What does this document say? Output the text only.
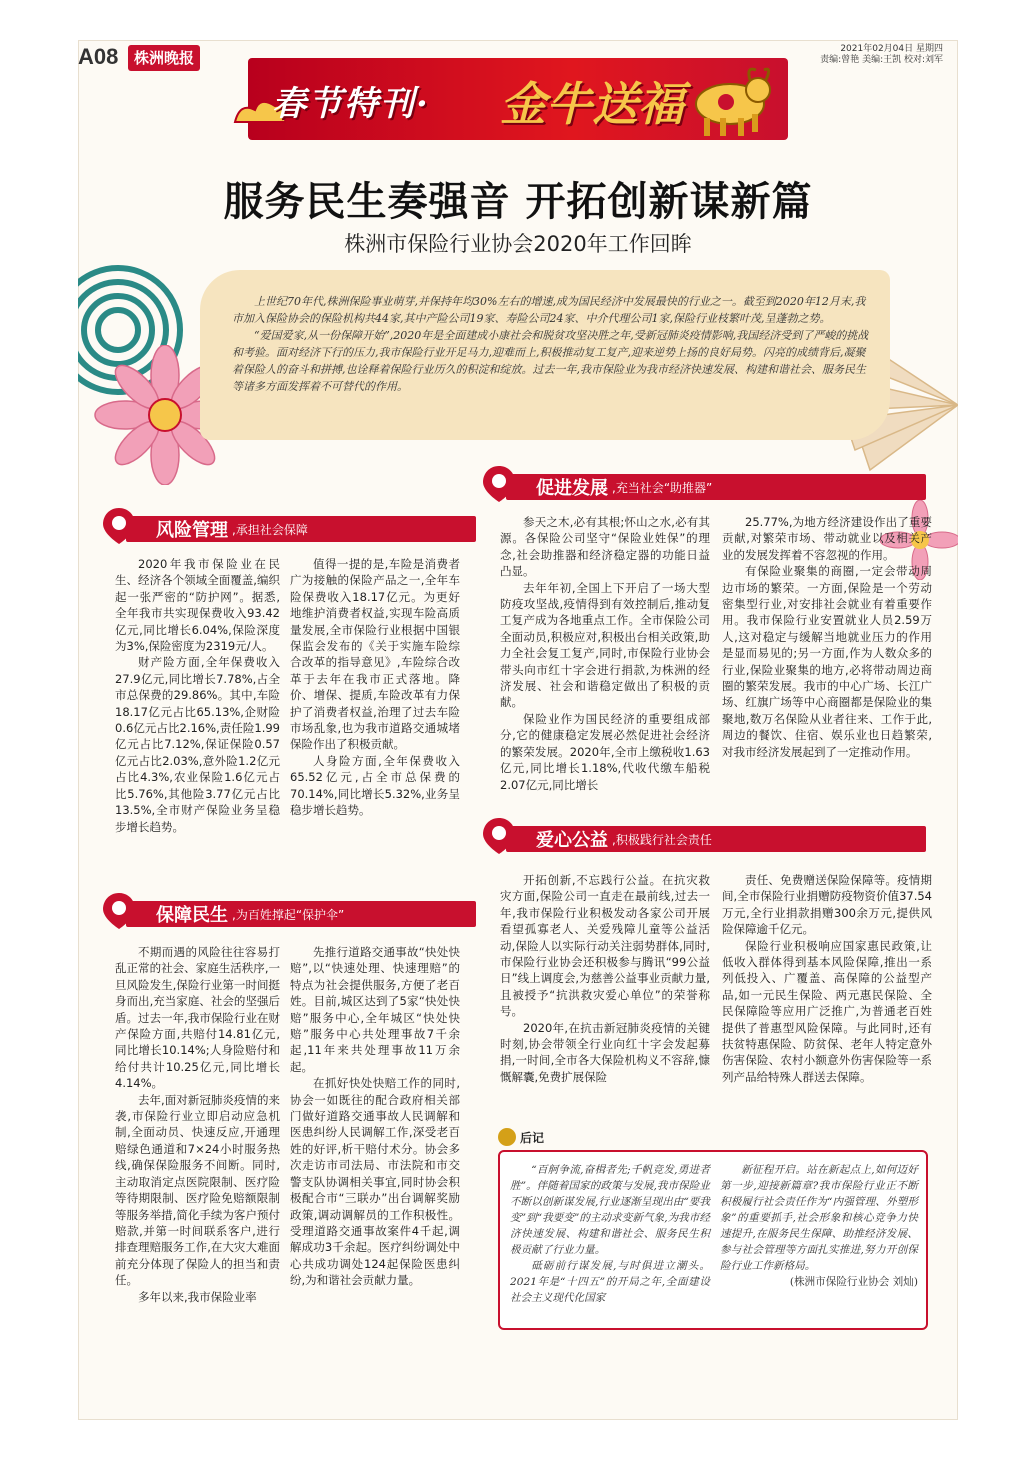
A08	株洲晚报	2021年02月04日 星期四
责编:曾艳 美编:王凯 校对:刘军
春节特刊· 金牛送福
服务民生奏强音 开拓创新谋新篇
株洲市保险行业协会2020年工作回眸

上世纪70年代,株洲保险事业萌芽,并保持年均30%左右的增速,成为国民经济中发展最快的行业之一。截至到2020年12月末,我市加入保险协会的保险机构共44家,其中产险公司19家、寿险公司24家、中介代理公司1家,保险行业枝繁叶茂,呈蓬勃之势。

“爱国爱家,从一份保障开始”,2020年是全面建成小康社会和脱贫攻坚决胜之年,受新冠肺炎疫情影响,我国经济受到了严峻的挑战和考验。面对经济下行的压力,我市保险行业开足马力,迎难而上,积极推动复工复产,迎来逆势上扬的良好局势。闪亮的成绩背后,凝聚着保险人的奋斗和拼搏,也诠释着保险行业历久的积淀和绽放。过去一年,我市保险业为我市经济快速发展、构建和谐社会、服务民生等诸多方面发挥着不可替代的作用。

促进发展 ,充当社会“助推器”
风险管理 ,承担社会保障

2020年我市保险业在民生、经济各个领域全面覆盖,编织起一张严密的“防护网”。据悉,全年我市共实现保费收入93.42亿元,同比增长6.04%,保险深度为3%,保险密度为2319元/人。

财产险方面,全年保费收入27.9亿元,同比增长7.78%,占全市总保费的29.86%。其中,车险18.17亿元占比65.13%,企财险0.6亿元占比2.16%,责任险1.99亿元占比7.12%,保证保险0.57亿元占比2.03%,意外险1.2亿元占比4.3%,农业保险1.6亿元占比5.76%,其他险3.77亿元占比13.5%,全市财产保险业务呈稳步增长趋势。

值得一提的是,车险是消费者广为接触的保险产品之一,全年车险保费收入18.17亿元。为更好地维护消费者权益,实现车险高质量发展,全市保险行业根据中国银保监会发布的《关于实施车险综合改革的指导意见》,车险综合改革于去年在我市正式落地。降价、增保、提质,车险改革有力保护了消费者权益,治理了过去车险市场乱象,也为我市道路交通城堵保险作出了积极贡献。

人身险方面,全年保费收入65.52亿元,占全市总保费的70.14%,同比增长5.32%,业务呈稳步增长趋势。

参天之木,必有其根;怀山之水,必有其源。各保险公司坚守“保险业姓保”的理念,社会助推器和经济稳定器的功能日益凸显。

去年年初,全国上下开启了一场大型防疫攻坚战,疫情得到有效控制后,推动复工复产成为各地重点工作。全市保险公司全面动员,积极应对,积极出台相关政策,助力全社会复工复产,同时,市保险行业协会带头向市红十字会进行捐款,为株洲的经济发展、社会和谐稳定做出了积极的贡献。

保险业作为国民经济的重要组成部分,它的健康稳定发展必然促进社会经济的繁荣发展。2020年,全市上缴税收1.63亿元,同比增长1.18%,代收代缴车船税2.07亿元,同比增长

25.77%,为地方经济建设作出了重要贡献,对繁荣市场、带动就业以及相关产业的发展发挥着不容忽视的作用。

有保险业聚集的商圈,一定会带动周边市场的繁荣。一方面,保险是一个劳动密集型行业,对安排社会就业有着重要作用。我市保险行业安置就业人员2.59万人,这对稳定与缓解当地就业压力的作用是显而易见的;另一方面,作为人数众多的行业,保险业聚集的地方,必将带动周边商圈的繁荣发展。我市的中心广场、长江广场、红旗广场等中心商圈都是保险业的集聚地,数万名保险从业者往来、工作于此,周边的餐饮、住宿、娱乐业也日趋繁荣,对我市经济发展起到了一定推动作用。

爱心公益 ,积极践行社会责任

开拓创新,不忘践行公益。在抗灾救灾方面,保险公司一直走在最前线,过去一年,我市保险行业积极发动各家公司开展看望孤寡老人、关爱残障儿童等公益活动,保险人以实际行动关注弱势群体,同时,市保险行业协会还积极参与腾讯“99公益日”线上调度会,为慈善公益事业贡献力量,且被授予“抗洪救灾爱心单位”的荣誉称号。

2020年,在抗击新冠肺炎疫情的关键时刻,协会带领全行业向红十字会发起募捐,一时间,全市各大保险机构义不容辞,慷慨解囊,免费扩展保险

责任、免费赠送保险保障等。疫情期间,全市保险行业捐赠防疫物资价值37.54万元,全行业捐款捐赠300余万元,提供风险保障逾千亿元。

保险行业积极响应国家惠民政策,让低收入群体得到基本风险保障,推出一系列低投入、广覆盖、高保障的公益型产品,如一元民生保险、两元惠民保险、全民保障险等应用广泛推广,为普通老百姓提供了普惠型风险保障。与此同时,还有扶贫特惠保险、防贫保、老年人特定意外伤害保险、农村小额意外伤害保险等一系列产品给特殊人群送去保障。

保障民生 ,为百姓撑起“保护伞”

不期而遇的风险往往容易打乱正常的社会、家庭生活秩序,一旦风险发生,保险行业第一时间挺身而出,充当家庭、社会的坚强后盾。过去一年,我市保险行业在财产保险方面,共赔付14.81亿元,同比增长10.14%;人身险赔付和给付共计10.25亿元,同比增长4.14%。

去年,面对新冠肺炎疫情的来袭,市保险行业立即启动应急机制,全面动员、快速反应,开通理赔绿色通道和7×24小时服务热线,确保保险服务不间断。同时,主动取消定点医院限制、医疗险等待期限制、医疗险免赔额限制等服务举措,简化手续为客户预付赔款,并第一时间联系客户,进行排查理赔服务工作,在大灾大难面前充分体现了保险人的担当和责任。

多年以来,我市保险业率

先推行道路交通事故“快处快赔”,以“快速处理、快速理赔”的特点为社会提供服务,方便了老百姓。目前,城区达到了5家“快处快赔”服务中心,全年城区“快处快赔”服务中心共处理事故7千余起,11年来共处理事故11万余起。

在抓好快处快赔工作的同时,协会一如既往的配合政府相关部门做好道路交通事故人民调解和医患纠纷人民调解工作,深受老百姓的好评,析干赔付术分。协会多次走访市司法局、市法院和市交警支队协调相关事宜,同时协会积极配合市“三联办”出台调解奖励政策,调动调解员的工作积极性。受理道路交通事故案件4千起,调解成功3千余起。医疗纠纷调处中心共成功调处124起保险医患纠纷,为和谐社会贡献力量。

后记

“百舸争流,奋楫者先;千帆竞发,勇进者胜”。伴随着国家的政策与发展,我市保险业不断以创新谋发展,行业逐渐呈现出由“要我变”到“我要变”的主动求变新气象,为我市经济快速发展、构建和谐社会、服务民生积极贡献了行业力量。

砥砺前行谋发展,与时俱进立潮头。2021年是“十四五”的开局之年,全面建设社会主义现代化国家

新征程开启。站在新起点上,如何迈好第一步,迎接新篇章?我市保险行业正不断积极履行社会责任作为“内强管理、外塑形象”的重要抓手,社会形象和核心竞争力快速提升,在服务民生保障、助推经济发展、参与社会管理等方面扎实推进,努力开创保险行业工作新格局。

(株洲市保险行业协会 刘灿)
